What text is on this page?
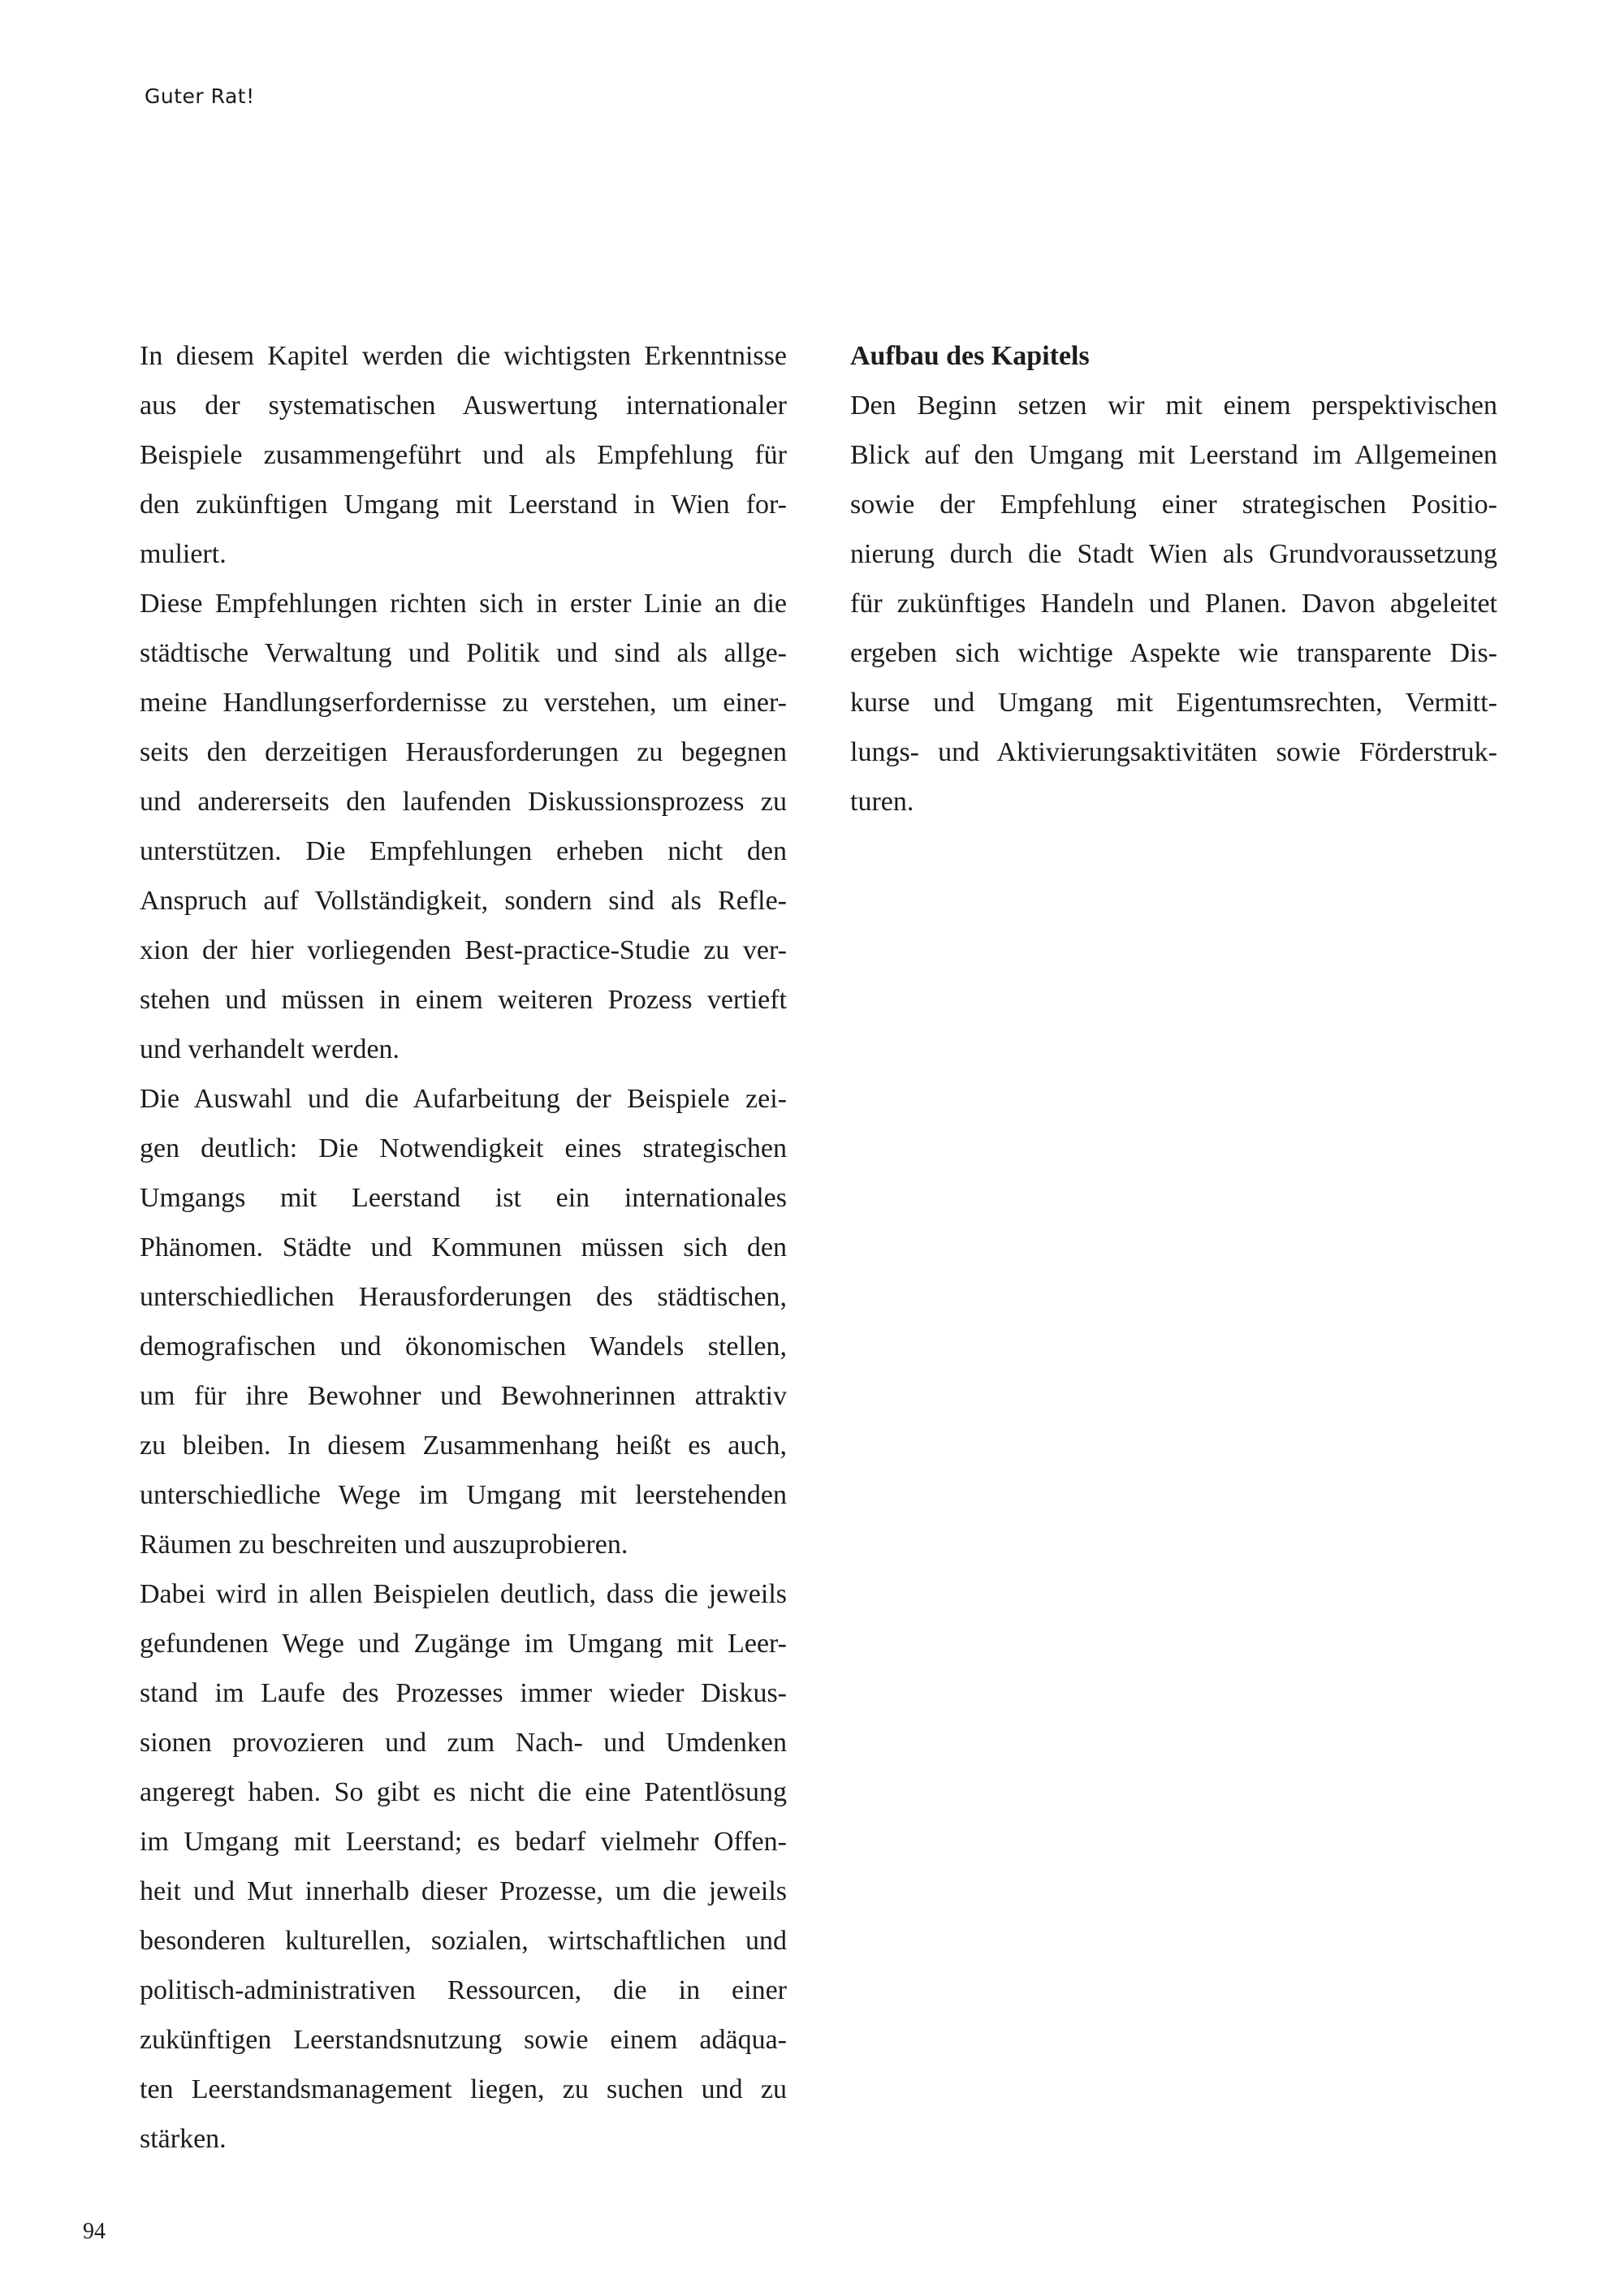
Guter Rat!
In diesem Kapitel werden die wichtigsten Erkenntnisse
aus der systematischen Auswertung internationaler
Beispiele zusammengeführt und als Empfehlung für
den zukünftigen Umgang mit Leerstand in Wien for-
muliert.
Diese Empfehlungen richten sich in erster Linie an die
städtische Verwaltung und Politik und sind als allge-
meine Handlungserfordernisse zu verstehen, um einer-
seits den derzeitigen Herausforderungen zu begegnen
und andererseits den laufenden Diskussionsprozess zu
unterstützen. Die Empfehlungen erheben nicht den
Anspruch auf Vollständigkeit, sondern sind als Refle-
xion der hier vorliegenden Best-practice-Studie zu ver-
stehen und müssen in einem weiteren Prozess vertieft
und verhandelt werden.
Die Auswahl und die Aufarbeitung der Beispiele zei-
gen deutlich: Die Notwendigkeit eines strategischen
Umgangs mit Leerstand ist ein internationales
Phänomen. Städte und Kommunen müssen sich den
unterschiedlichen Herausforderungen des städtischen,
demografischen und ökonomischen Wandels stellen,
um für ihre Bewohner und Bewohnerinnen attraktiv
zu bleiben. In diesem Zusammenhang heißt es auch,
unterschiedliche Wege im Umgang mit leerstehenden
Räumen zu beschreiten und auszuprobieren.
Dabei wird in allen Beispielen deutlich, dass die jeweils
gefundenen Wege und Zugänge im Umgang mit Leer-
stand im Laufe des Prozesses immer wieder Diskus-
sionen provozieren und zum Nach- und Umdenken
angeregt haben. So gibt es nicht die eine Patentlösung
im Umgang mit Leerstand; es bedarf vielmehr Offen-
heit und Mut innerhalb dieser Prozesse, um die jeweils
besonderen kulturellen, sozialen, wirtschaftlichen und
politisch-administrativen Ressourcen, die in einer
zukünftigen Leerstandsnutzung sowie einem adäqua-
ten Leerstandsmanagement liegen, zu suchen und zu
stärken.
Aufbau des Kapitels
Den Beginn setzen wir mit einem perspektivischen
Blick auf den Umgang mit Leerstand im Allgemeinen
sowie der Empfehlung einer strategischen Positio-
nierung durch die Stadt Wien als Grundvoraussetzung
für zukünftiges Handeln und Planen. Davon abgeleitet
ergeben sich wichtige Aspekte wie transparente Dis-
kurse und Umgang mit Eigentumsrechten, Vermitt-
lungs- und Aktivierungsaktivitäten sowie Förderstruk-
turen.
94
